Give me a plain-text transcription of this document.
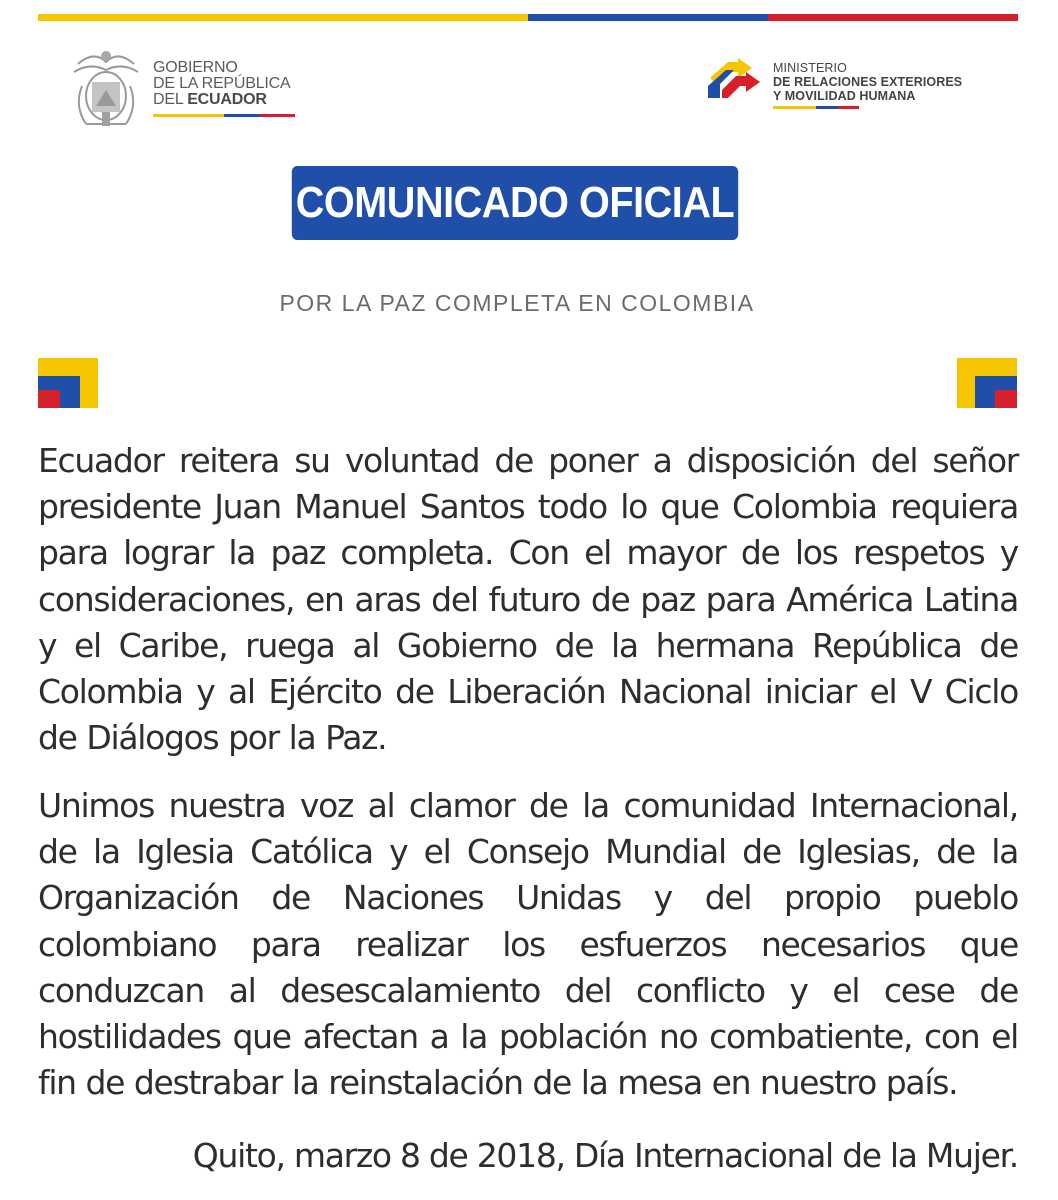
GOBIERNO
DE LA REPÚBLICA
DEL ECUADOR
MINISTERIO
DE RELACIONES EXTERIORES
Y MOVILIDAD HUMANA
COMUNICADO OFICIAL
POR LA PAZ COMPLETA EN COLOMBIA

Ecuador reitera su voluntad de poner a disposición del señor presidente Juan Manuel Santos todo lo que Colombia requiera para lograr la paz completa. Con el mayor de los respetos y consideraciones, en aras del futuro de paz para América Latina y el Caribe, ruega al Gobierno de la hermana República de Colombia y al Ejército de Liberación Nacional iniciar el V Ciclo de Diálogos por la Paz.

Unimos nuestra voz al clamor de la comunidad Internacional, de la Iglesia Católica y el Consejo Mundial de Iglesias, de la Organización de Naciones Unidas y del propio pueblo colombiano para realizar los esfuerzos necesarios que conduzcan al desescalamiento del conflicto y el cese de hostilidades que afectan a la población no combatiente, con el fin de destrabar la reinstalación de la mesa en nuestro país.

Quito, marzo 8 de 2018, Día Internacional de la Mujer.
